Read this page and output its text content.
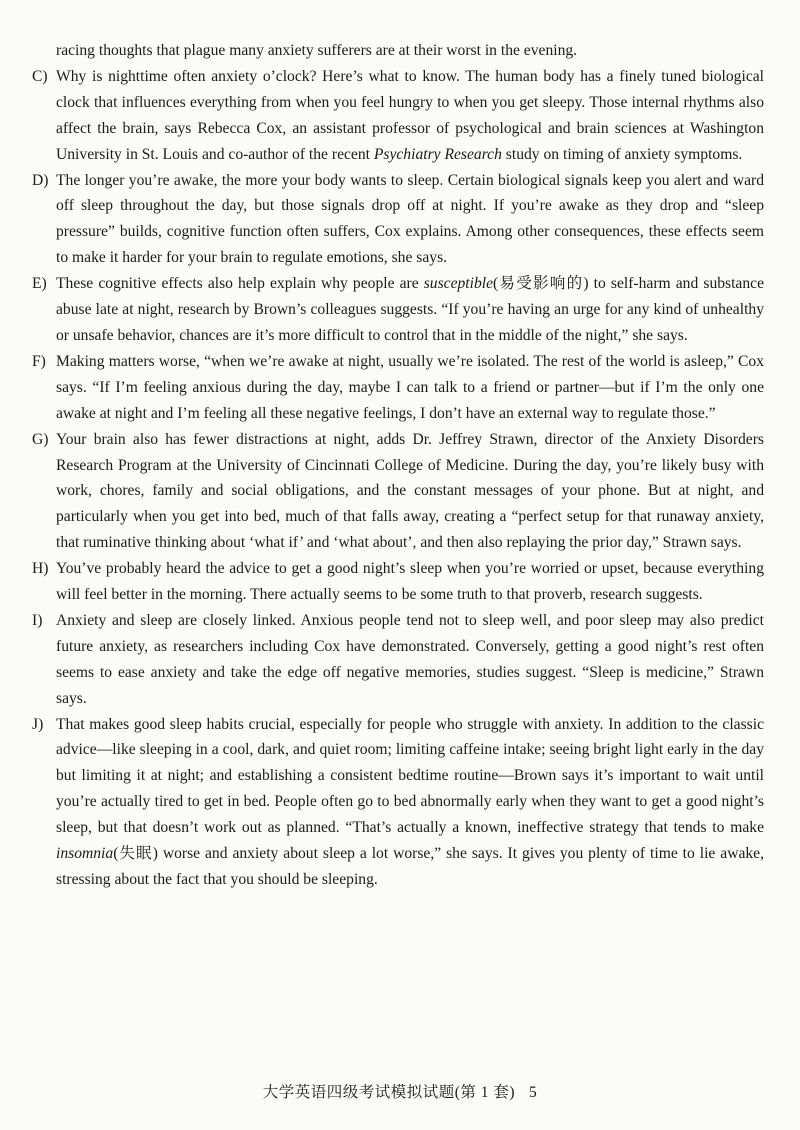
racing thoughts that plague many anxiety sufferers are at their worst in the evening.

C) Why is nighttime often anxiety o’clock? Here’s what to know. The human body has a finely tuned biological clock that influences everything from when you feel hungry to when you get sleepy. Those internal rhythms also affect the brain, says Rebecca Cox, an assistant professor of psychological and brain sciences at Washington University in St. Louis and co-author of the recent Psychiatry Research study on timing of anxiety symptoms.

D) The longer you’re awake, the more your body wants to sleep. Certain biological signals keep you alert and ward off sleep throughout the day, but those signals drop off at night. If you’re awake as they drop and “sleep pressure” builds, cognitive function often suffers, Cox explains. Among other consequences, these effects seem to make it harder for your brain to regulate emotions, she says.

E) These cognitive effects also help explain why people are susceptible(易受影响的) to self-harm and substance abuse late at night, research by Brown’s colleagues suggests. “If you’re having an urge for any kind of unhealthy or unsafe behavior, chances are it’s more difficult to control that in the middle of the night,” she says.

F) Making matters worse, “when we’re awake at night, usually we’re isolated. The rest of the world is asleep,” Cox says. “If I’m feeling anxious during the day, maybe I can talk to a friend or partner—but if I’m the only one awake at night and I’m feeling all these negative feelings, I don’t have an external way to regulate those.”

G) Your brain also has fewer distractions at night, adds Dr. Jeffrey Strawn, director of the Anxiety Disorders Research Program at the University of Cincinnati College of Medicine. During the day, you’re likely busy with work, chores, family and social obligations, and the constant messages of your phone. But at night, and particularly when you get into bed, much of that falls away, creating a “perfect setup for that runaway anxiety, that ruminative thinking about ‘what if’ and ‘what about’, and then also replaying the prior day,” Strawn says.

H) You’ve probably heard the advice to get a good night’s sleep when you’re worried or upset, because everything will feel better in the morning. There actually seems to be some truth to that proverb, research suggests.

I) Anxiety and sleep are closely linked. Anxious people tend not to sleep well, and poor sleep may also predict future anxiety, as researchers including Cox have demonstrated. Conversely, getting a good night’s rest often seems to ease anxiety and take the edge off negative memories, studies suggest. “Sleep is medicine,” Strawn says.

J) That makes good sleep habits crucial, especially for people who struggle with anxiety. In addition to the classic advice—like sleeping in a cool, dark, and quiet room; limiting caffeine intake; seeing bright light early in the day but limiting it at night; and establishing a consistent bedtime routine—Brown says it’s important to wait until you’re actually tired to get in bed. People often go to bed abnormally early when they want to get a good night’s sleep, but that doesn’t work out as planned. “That’s actually a known, ineffective strategy that tends to make insomnia(失眠) worse and anxiety about sleep a lot worse,” she says. It gives you plenty of time to lie awake, stressing about the fact that you should be sleeping.

大学英语四级考试模拟试题(第 1 套) 5
